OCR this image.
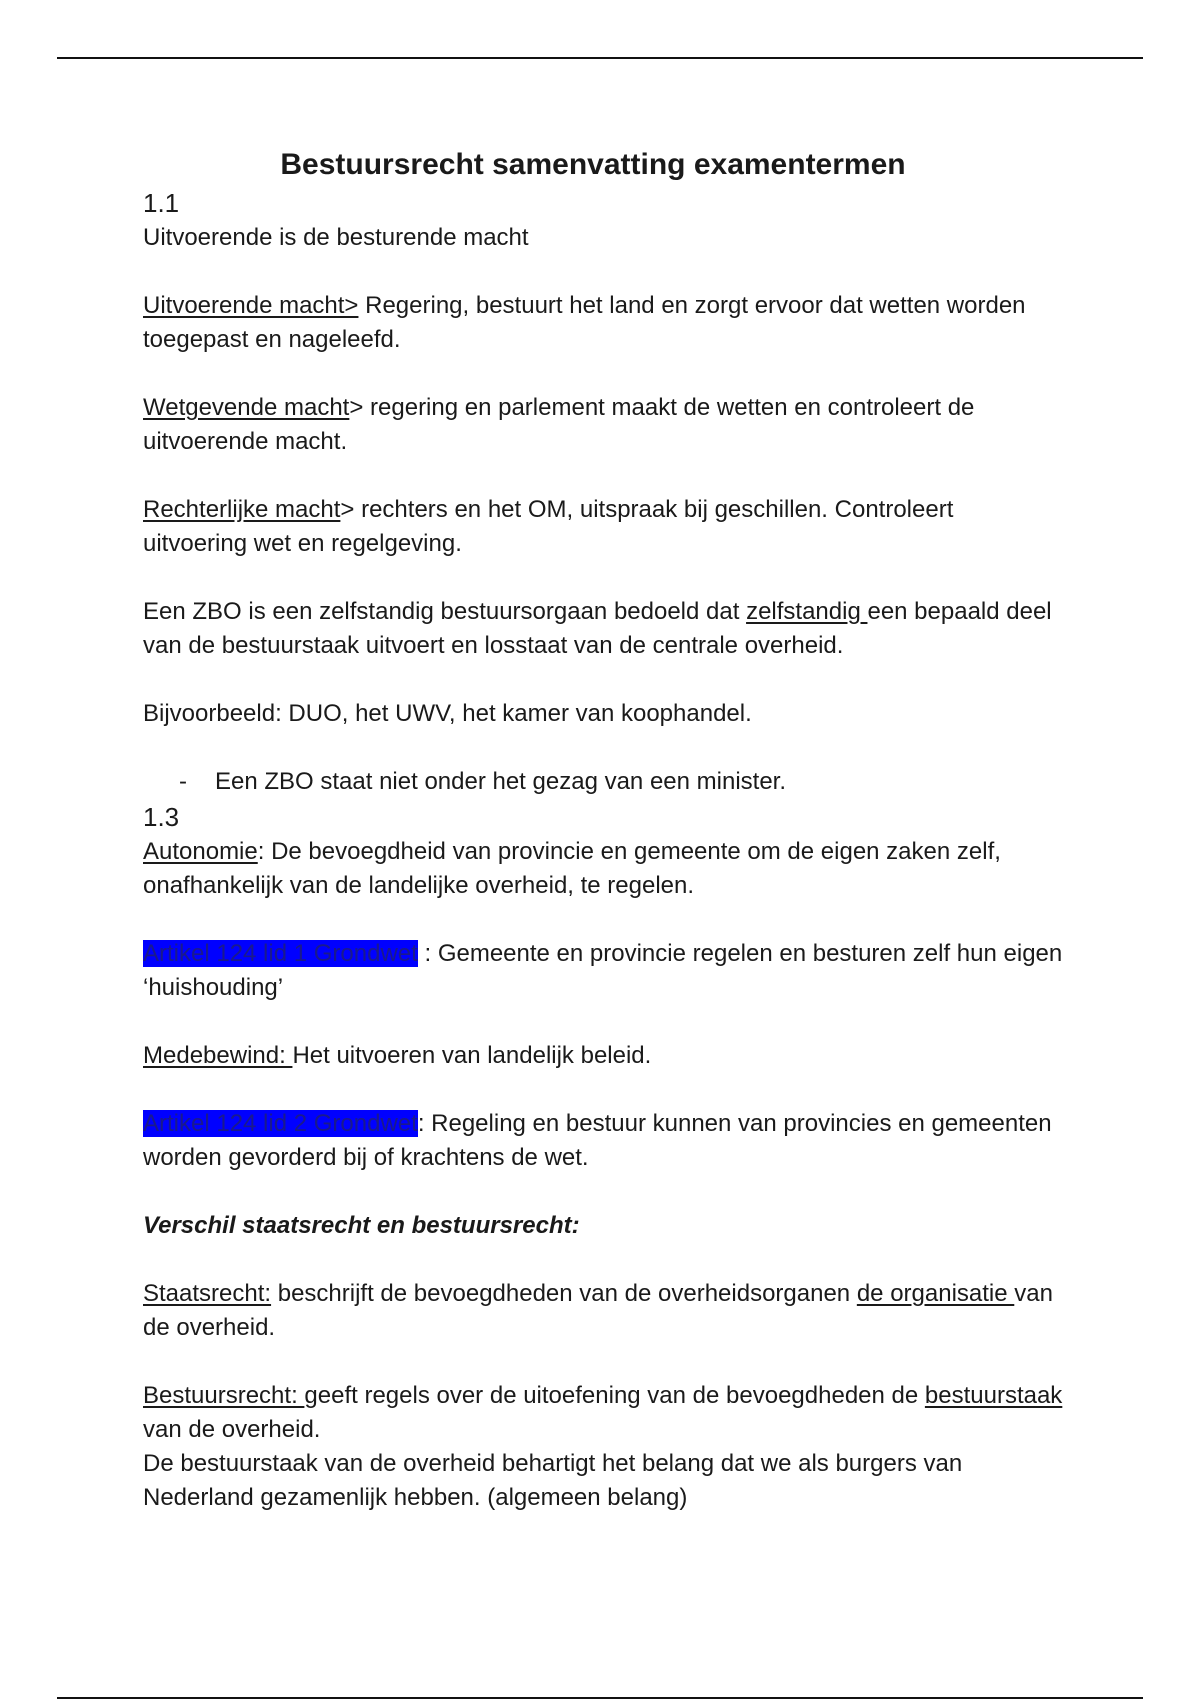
Bestuursrecht samenvatting examentermen

1.1

Uitvoerende is de besturende macht

Uitvoerende macht> Regering, bestuurt het land en zorgt ervoor dat wetten worden toegepast en nageleefd.

Wetgevende macht> regering en parlement maakt de wetten en controleert de uitvoerende macht.

Rechterlijke macht> rechters en het OM, uitspraak bij geschillen. Controleert uitvoering wet en regelgeving.

Een ZBO is een zelfstandig bestuursorgaan bedoeld dat zelfstandig een bepaald deel van de bestuurstaak uitvoert en losstaat van de centrale overheid.

Bijvoorbeeld: DUO, het UWV, het kamer van koophandel.

-	Een ZBO staat niet onder het gezag van een minister.

1.3

Autonomie: De bevoegdheid van provincie en gemeente om de eigen zaken zelf, onafhankelijk van de landelijke overheid, te regelen.

Artikel 124 lid 1 Grondwet : Gemeente en provincie regelen en besturen zelf hun eigen ‘huishouding’

Medebewind: Het uitvoeren van landelijk beleid.

Artikel 124 lid 2 Grondwet: Regeling en bestuur kunnen van provincies en gemeenten worden gevorderd bij of krachtens de wet.

Verschil staatsrecht en bestuursrecht:

Staatsrecht: beschrijft de bevoegdheden van de overheidsorganen de organisatie van de overheid.

Bestuursrecht: geeft regels over de uitoefening van de bevoegdheden de bestuurstaak van de overheid.

De bestuurstaak van de overheid behartigt het belang dat we als burgers van Nederland gezamenlijk hebben. (algemeen belang)
